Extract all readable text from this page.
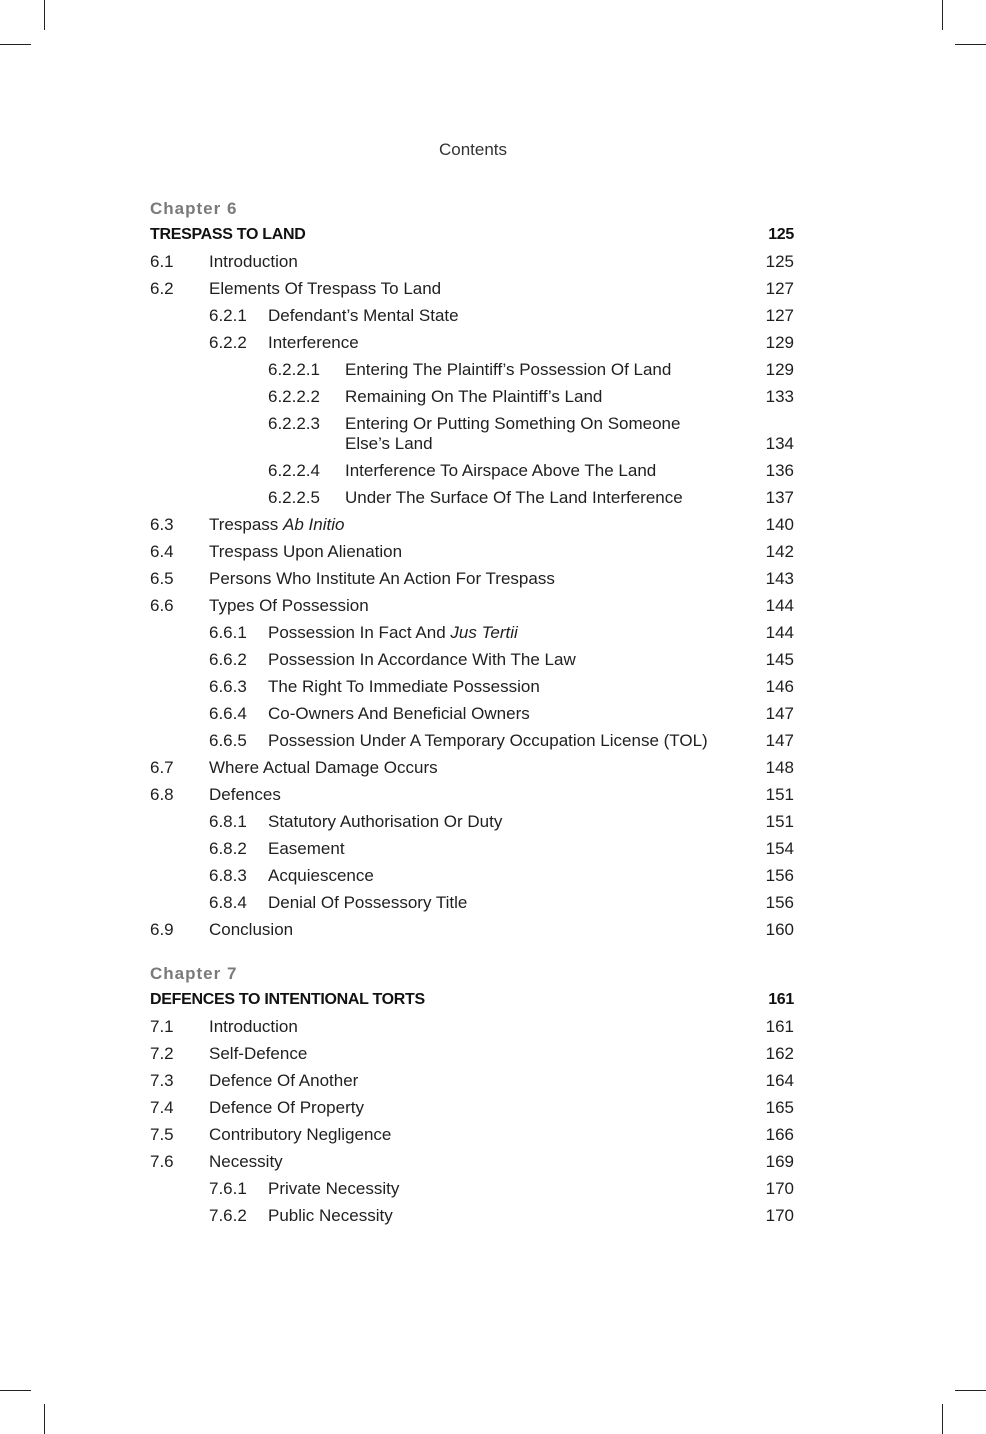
Contents
Chapter 6
TRESPASS TO LAND	125
6.1 Introduction	125
6.2 Elements Of Trespass To Land	127
6.2.1 Defendant’s Mental State	127
6.2.2 Interference	129
6.2.2.1 Entering The Plaintiff’s Possession Of Land	129
6.2.2.2 Remaining On The Plaintiff’s Land	133
6.2.2.3 Entering Or Putting Something On Someone Else’s Land	134
6.2.2.4 Interference To Airspace Above The Land	136
6.2.2.5 Under The Surface Of The Land Interference	137
6.3 Trespass Ab Initio	140
6.4 Trespass Upon Alienation	142
6.5 Persons Who Institute An Action For Trespass	143
6.6 Types Of Possession	144
6.6.1 Possession In Fact And Jus Tertii	144
6.6.2 Possession In Accordance With The Law	145
6.6.3 The Right To Immediate Possession	146
6.6.4 Co-Owners And Beneficial Owners	147
6.6.5 Possession Under A Temporary Occupation License (TOL)	147
6.7 Where Actual Damage Occurs	148
6.8 Defences	151
6.8.1 Statutory Authorisation Or Duty	151
6.8.2 Easement	154
6.8.3 Acquiescence	156
6.8.4 Denial Of Possessory Title	156
6.9 Conclusion	160
Chapter 7
DEFENCES TO INTENTIONAL TORTS	161
7.1 Introduction	161
7.2 Self-Defence	162
7.3 Defence Of Another	164
7.4 Defence Of Property	165
7.5 Contributory Negligence	166
7.6 Necessity	169
7.6.1 Private Necessity	170
7.6.2 Public Necessity	170
